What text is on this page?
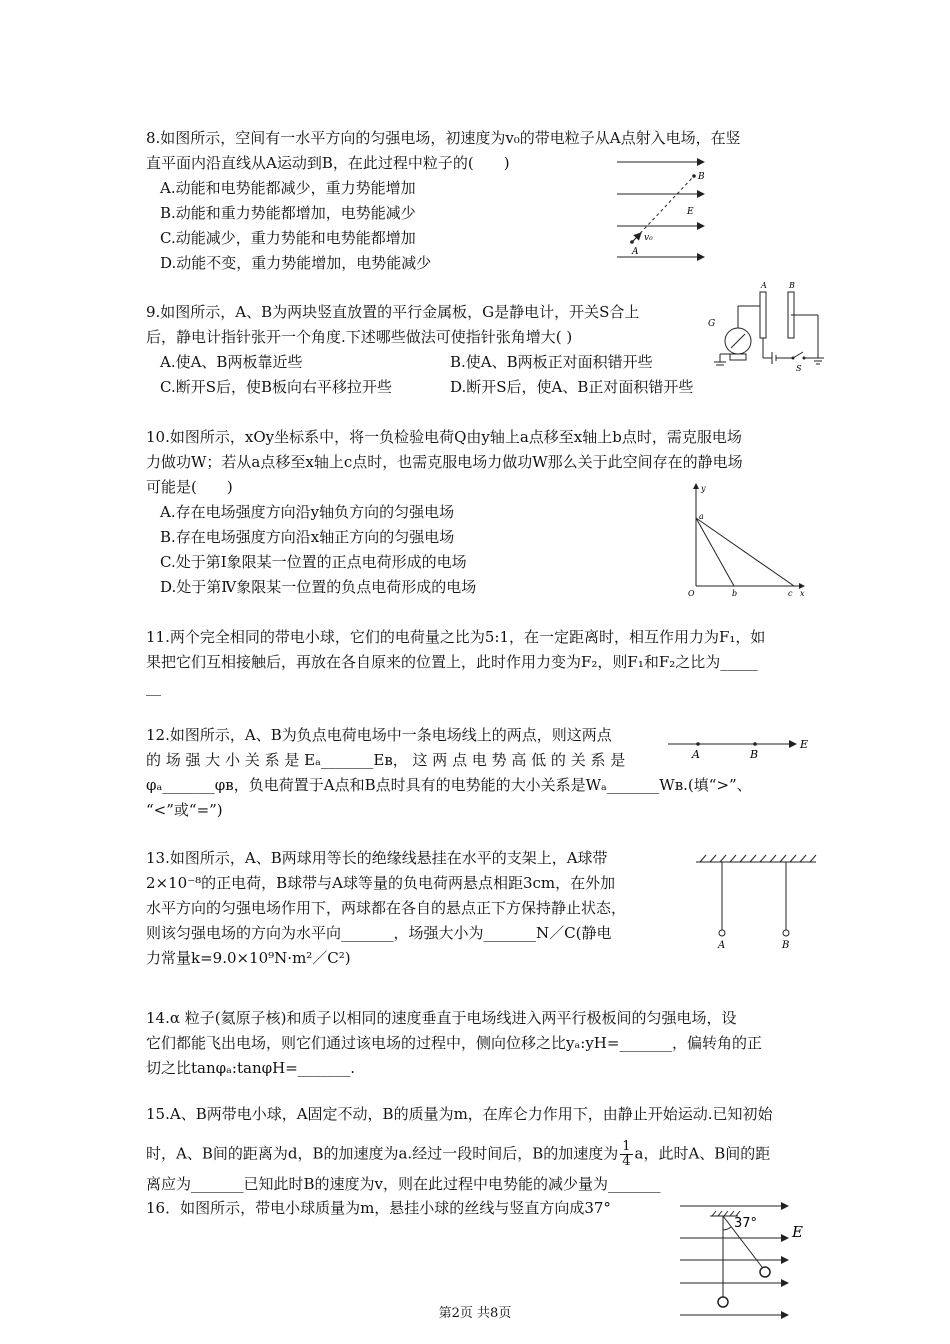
8.如图所示，空间有一水平方向的匀强电场，初速度为v₀的带电粒子从A点射入电场，在竖
直平面内沿直线从A运动到B，在此过程中粒子的(　　)
A.动能和电势能都减少，重力势能增加
B.动能和重力势能都增加，电势能减少
C.动能减少，重力势能和电势能都增加
D.动能不变，重力势能增加，电势能减少
B
E
v₀
A
9.如图所示，A、B为两块竖直放置的平行金属板，G是静电计，开关S合上
后，静电计指针张开一个角度.下述哪些做法可使指针张角增大( )
A.使A、B两板靠近些	B.使A、B两板正对面积错开些
C.断开S后，使B板向右平移拉开些	D.断开S后，使A、B正对面积错开些
A	B
G
S
10.如图所示，xOy坐标系中，将一负检验电荷Q由y轴上a点移至x轴上b点时，需克服电场
力做功W；若从a点移至x轴上c点时，也需克服电场力做功W那么关于此空间存在的静电场
可能是(　　)
A.存在电场强度方向沿y轴负方向的匀强电场
B.存在电场强度方向沿x轴正方向的匀强电场
C.处于第Ⅰ象限某一位置的正点电荷形成的电场
D.处于第Ⅳ象限某一位置的负点电荷形成的电场
y
a
O	b	c x
11.两个完全相同的带电小球，它们的电荷量之比为5:1，在一定距离时，相互作用力为F₁，如
果把它们互相接触后，再放在各自原来的位置上，此时作用力变为F₂，则F₁和F₂之比为_____
__
12.如图所示，A、B为负点电荷电场中一条电场线上的两点，则这两点
的 场 强 大 小 关 系 是 Eₐ_______Eʙ， 这 两 点 电 势 高 低 的 关 系 是
φₐ_______φʙ，负电荷置于A点和B点时具有的电势能的大小关系是Wₐ_______Wʙ.(填“>”、
“<”或“=”)
A	B
E
13.如图所示，A、B两球用等长的绝缘线悬挂在水平的支架上，A球带
2×10⁻⁸的正电荷，B球带与A球等量的负电荷两悬点相距3cm，在外加
水平方向的匀强电场作用下，两球都在各自的悬点正下方保持静止状态，
则该匀强电场的方向为水平向_______，场强大小为_______N／C(静电
力常量k=9.0×10⁹N·m²／C²)
A	B
14.α 粒子(氦原子核)和质子以相同的速度垂直于电场线进入两平行极板间的匀强电场，设
它们都能飞出电场，则它们通过该电场的过程中，侧向位移之比yₐ:yH=_______，偏转角的正
切之比tanφₐ:tanφH=_______.
15.A、B两带电小球，A固定不动，B的质量为m，在库仑力作用下，由静止开始运动.已知初始
时，A、B间的距离为d，B的加速度为a.经过一段时间后，B的加速度为 $\frac{1}{4}$ a，此时A、B间的距
离应为_______已知此时B的速度为v，则在此过程中电势能的减少量为_______
16．如图所示，带电小球质量为m，悬挂小球的丝线与竖直方向成37°
37° E
第2页 共8页
